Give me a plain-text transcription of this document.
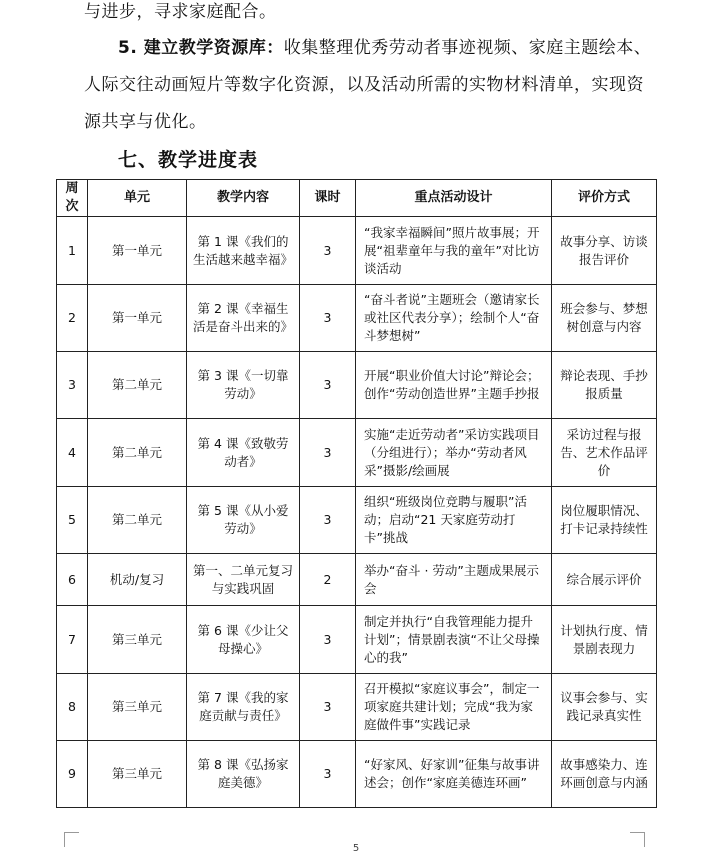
与进步，寻求家庭配合。
5. 建立教学资源库：收集整理优秀劳动者事迹视频、家庭主题绘本、
人际交往动画短片等数字化资源，以及活动所需的实物材料清单，实现资
源共享与优化。
七、教学进度表
周次	单元	教学内容	课时	重点活动设计	评价方式
1	第一单元	第 1 课《我们的生活越来越幸福》	3	“我家幸福瞬间”照片故事展；开展“祖辈童年与我的童年”对比访谈活动	故事分享、访谈报告评价
2	第一单元	第 2 课《幸福生活是奋斗出来的》	3	“奋斗者说”主题班会（邀请家长或社区代表分享）；绘制个人“奋斗梦想树”	班会参与、梦想树创意与内容
3	第二单元	第 3 课《一切靠劳动》	3	开展“职业价值大讨论”辩论会；创作“劳动创造世界”主题手抄报	辩论表现、手抄报质量
4	第二单元	第 4 课《致敬劳动者》	3	实施“走近劳动者”采访实践项目（分组进行）；举办“劳动者风采”摄影/绘画展	采访过程与报告、艺术作品评价
5	第二单元	第 5 课《从小爱劳动》	3	组织“班级岗位竞聘与履职”活动；启动“21 天家庭劳动打卡”挑战	岗位履职情况、打卡记录持续性
6	机动/复习	第一、二单元复习与实践巩固	2	举办“奋斗 · 劳动”主题成果展示会	综合展示评价
7	第三单元	第 6 课《少让父母操心》	3	制定并执行“自我管理能力提升计划”；情景剧表演“不让父母操心的我”	计划执行度、情景剧表现力
8	第三单元	第 7 课《我的家庭贡献与责任》	3	召开模拟“家庭议事会”，制定一项家庭共建计划；完成“我为家庭做件事”实践记录	议事会参与、实践记录真实性
9	第三单元	第 8 课《弘扬家庭美德》	3	“好家风、好家训”征集与故事讲述会；创作“家庭美德连环画”	故事感染力、连环画创意与内涵
5
